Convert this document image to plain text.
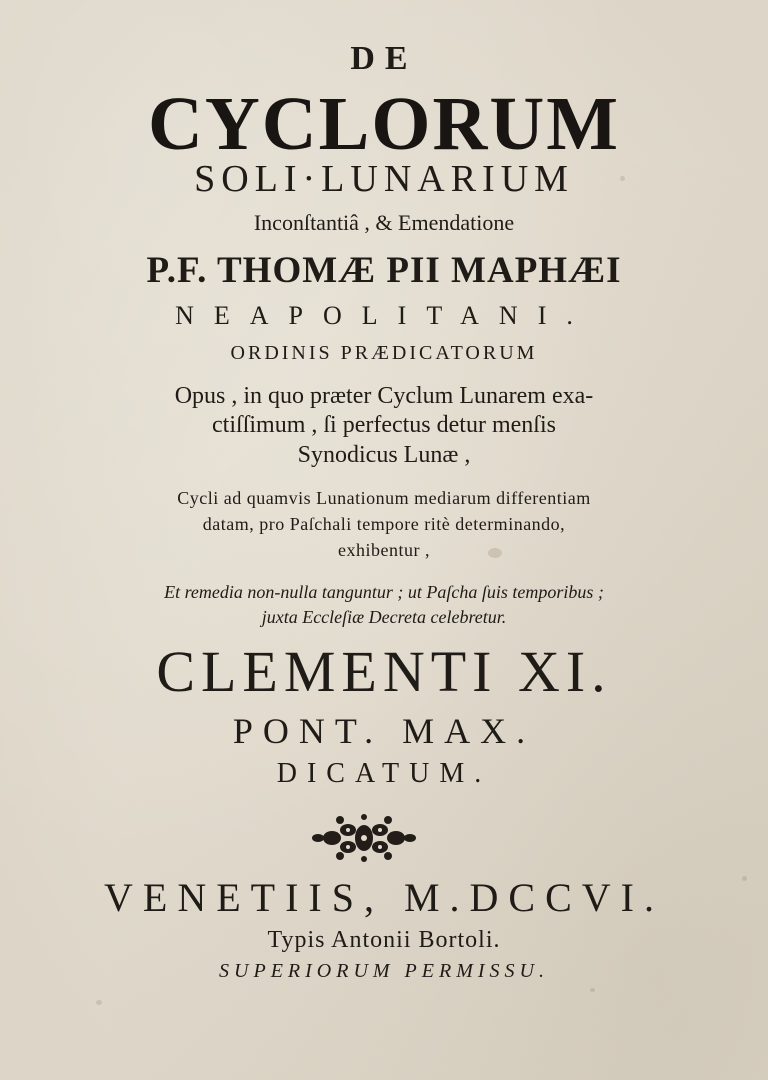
DE
CYCLORUM
SOLI·LUNARIUM
Inconſtantiâ , & Emendatione
P.F. THOMÆ PII MAPHÆI
NEAPOLITANI.
ORDINIS PRÆDICATORUM
Opus , in quo præter Cyclum Lunarem exa-
ctiſſimum , ſi perfectus detur menſis
Synodicus Lunæ ,
Cycli ad quamvis Lunationum mediarum differentiam
datam, pro Paſchali tempore ritè determinando,
exhibentur ,
Et remedia non-nulla tanguntur ; ut Paſcha ſuis temporibus ;
juxta Eccleſiæ Decreta celebretur.
CLEMENTI XI.
PONT. MAX.
DICATUM.
VENETIIS, M.DCCVI.
Typis Antonii Bortoli.
SUPERIORUM PERMISSU.
